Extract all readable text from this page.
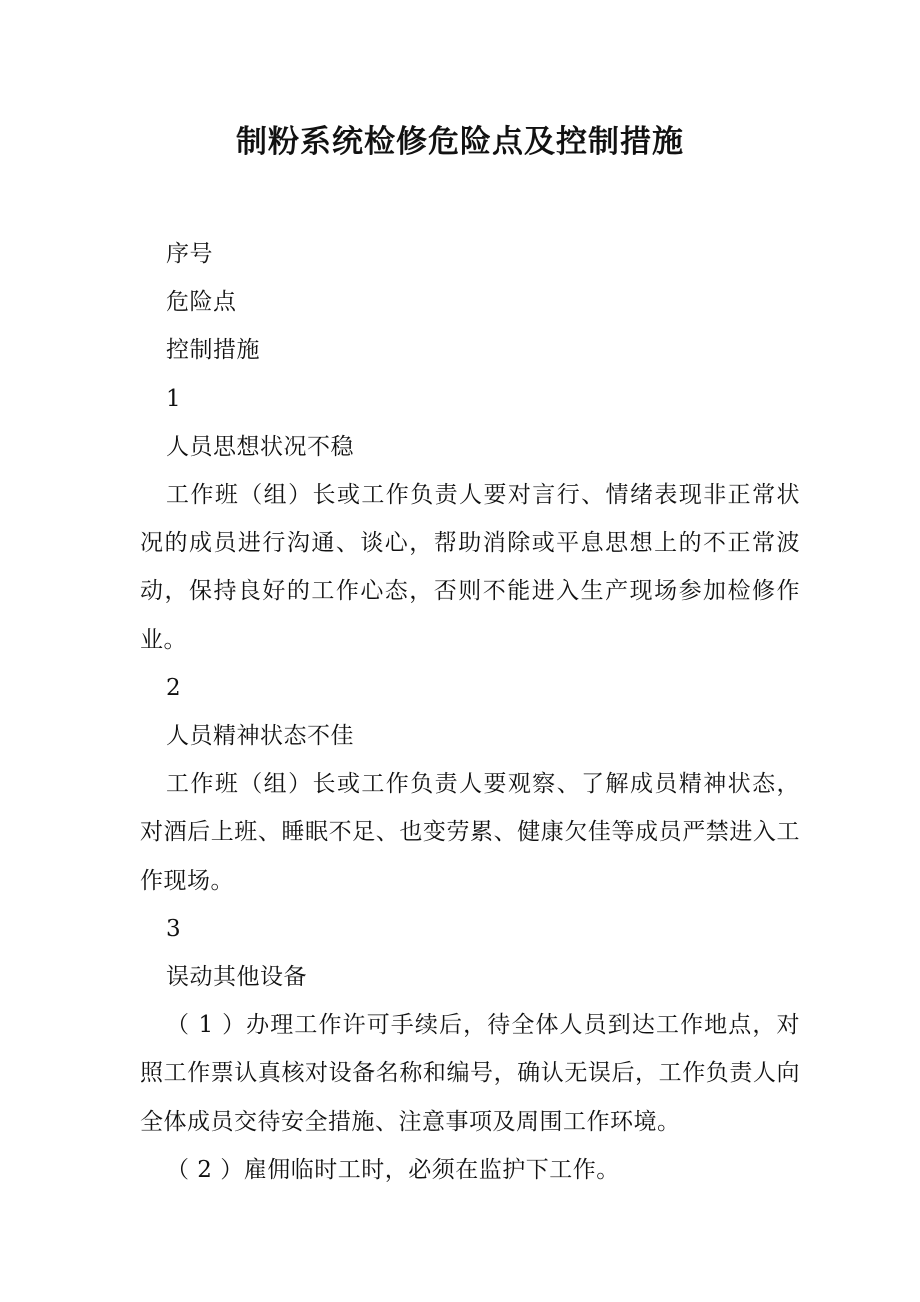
制粉系统检修危险点及控制措施

序号

危险点

控制措施

1

人员思想状况不稳

工作班（组）长或工作负责人要对言行、情绪表现非正常状况的成员进行沟通、谈心，帮助消除或平息思想上的不正常波动，保持良好的工作心态，否则不能进入生产现场参加检修作业。

2

人员精神状态不佳

工作班（组）长或工作负责人要观察、了解成员精神状态，对酒后上班、睡眠不足、也变劳累、健康欠佳等成员严禁进入工作现场。

3

误动其他设备

（ 1 ）办理工作许可手续后，待全体人员到达工作地点，对照工作票认真核对设备名称和编号，确认无误后，工作负责人向全体成员交待安全措施、注意事项及周围工作环境。

（ 2 ）雇佣临时工时，必须在监护下工作。
